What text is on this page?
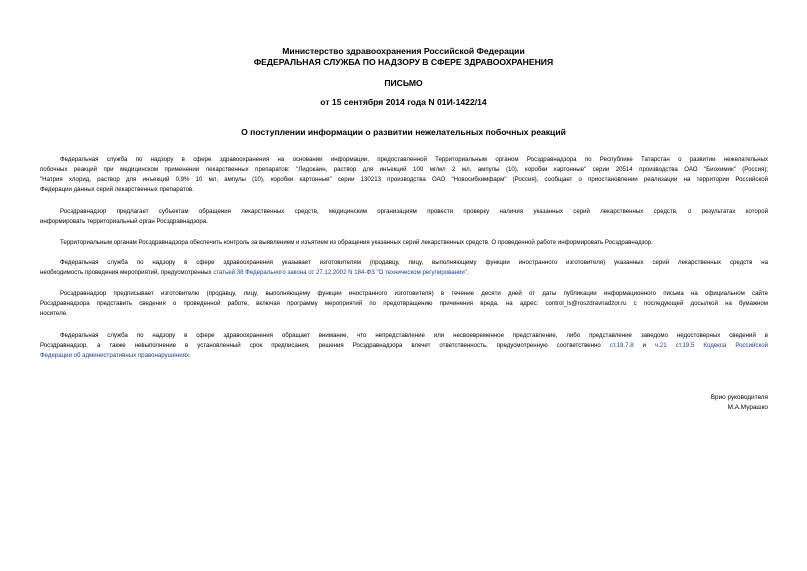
Министерство здравоохранения Российской Федерации
ФЕДЕРАЛЬНАЯ СЛУЖБА ПО НАДЗОРУ В СФЕРЕ ЗДРАВООХРАНЕНИЯ
ПИСЬМО
от 15 сентября 2014 года N 01И-1422/14
О поступлении информации о развитии нежелательных побочных реакций
Федеральная служба по надзору в сфере здравоохранения на основании информации, предоставленной Территориальным органом Росздравнадзора по Республике Татарстан о развитии нежелательных
побочных реакций при медицинском применении лекарственных препаратов: "Лидокаин, раствор для инъекций 100 мг/мл 2 мл, ампулы (10), коробки картонные" серии 20514 производства ОАО "Биохимик" (Россия);
"Натрия хлорид, раствор для инъекций 0,9% 10 мл, ампулы (10), коробки картонные" серии 130213 производства ОАО "Новосибхимфарм" (Россия), сообщает о приостановлении реализации на территории Российской
Федерации данных серий лекарственных препаратов.
Росздравнадзор предлагает субъектам обращения лекарственных средств, медицинским организациям провести проверку наличия указанных серий лекарственных средств, о результатах которой
информировать территориальный орган Росздравнадзора.
Территориальным органам Росздравнадзора обеспечить контроль за выявлением и изъятием из обращения указанных серий лекарственных средств. О проведенной работе информировать Росздравнадзор.
Федеральная служба по надзору в сфере здравоохранения указывает изготовителям (продавцу, лицу, выполняющему функции иностранного изготовителя) указанных серий лекарственных средств на
необходимость проведения мероприятий, предусмотренных статьей 38 Федерального закона от 27.12.2002 N 184-ФЗ "О техническом регулировании".
Росздравнадзор предписывает изготовителю (продавцу, лицу, выполняющему функции иностранного изготовителя) в течение десяти дней от даты публикации информационного письма на официальном сайте
Росздравнадзора представить сведения о проведенной работе, включая программу мероприятий по предотвращению причинения вреда, на адрес: control_ls@roszdravnadzor.ru с последующей досылкой на бумажном
носителе.
Федеральная служба по надзору в сфере здравоохранения обращает внимание, что непредставление или несвоевременное представление, либо представление заведомо недостоверных сведений в
Росздравнадзор, а также невыполнение в установленный срок предписания, решения Росздравнадзора влечет ответственность, предусмотренную соответственно ст.19.7.8 и ч.21 ст.19.5 Кодекса Российской
Федерации об административных правонарушениях.
Врио руководителя
М.А.Мурашко
